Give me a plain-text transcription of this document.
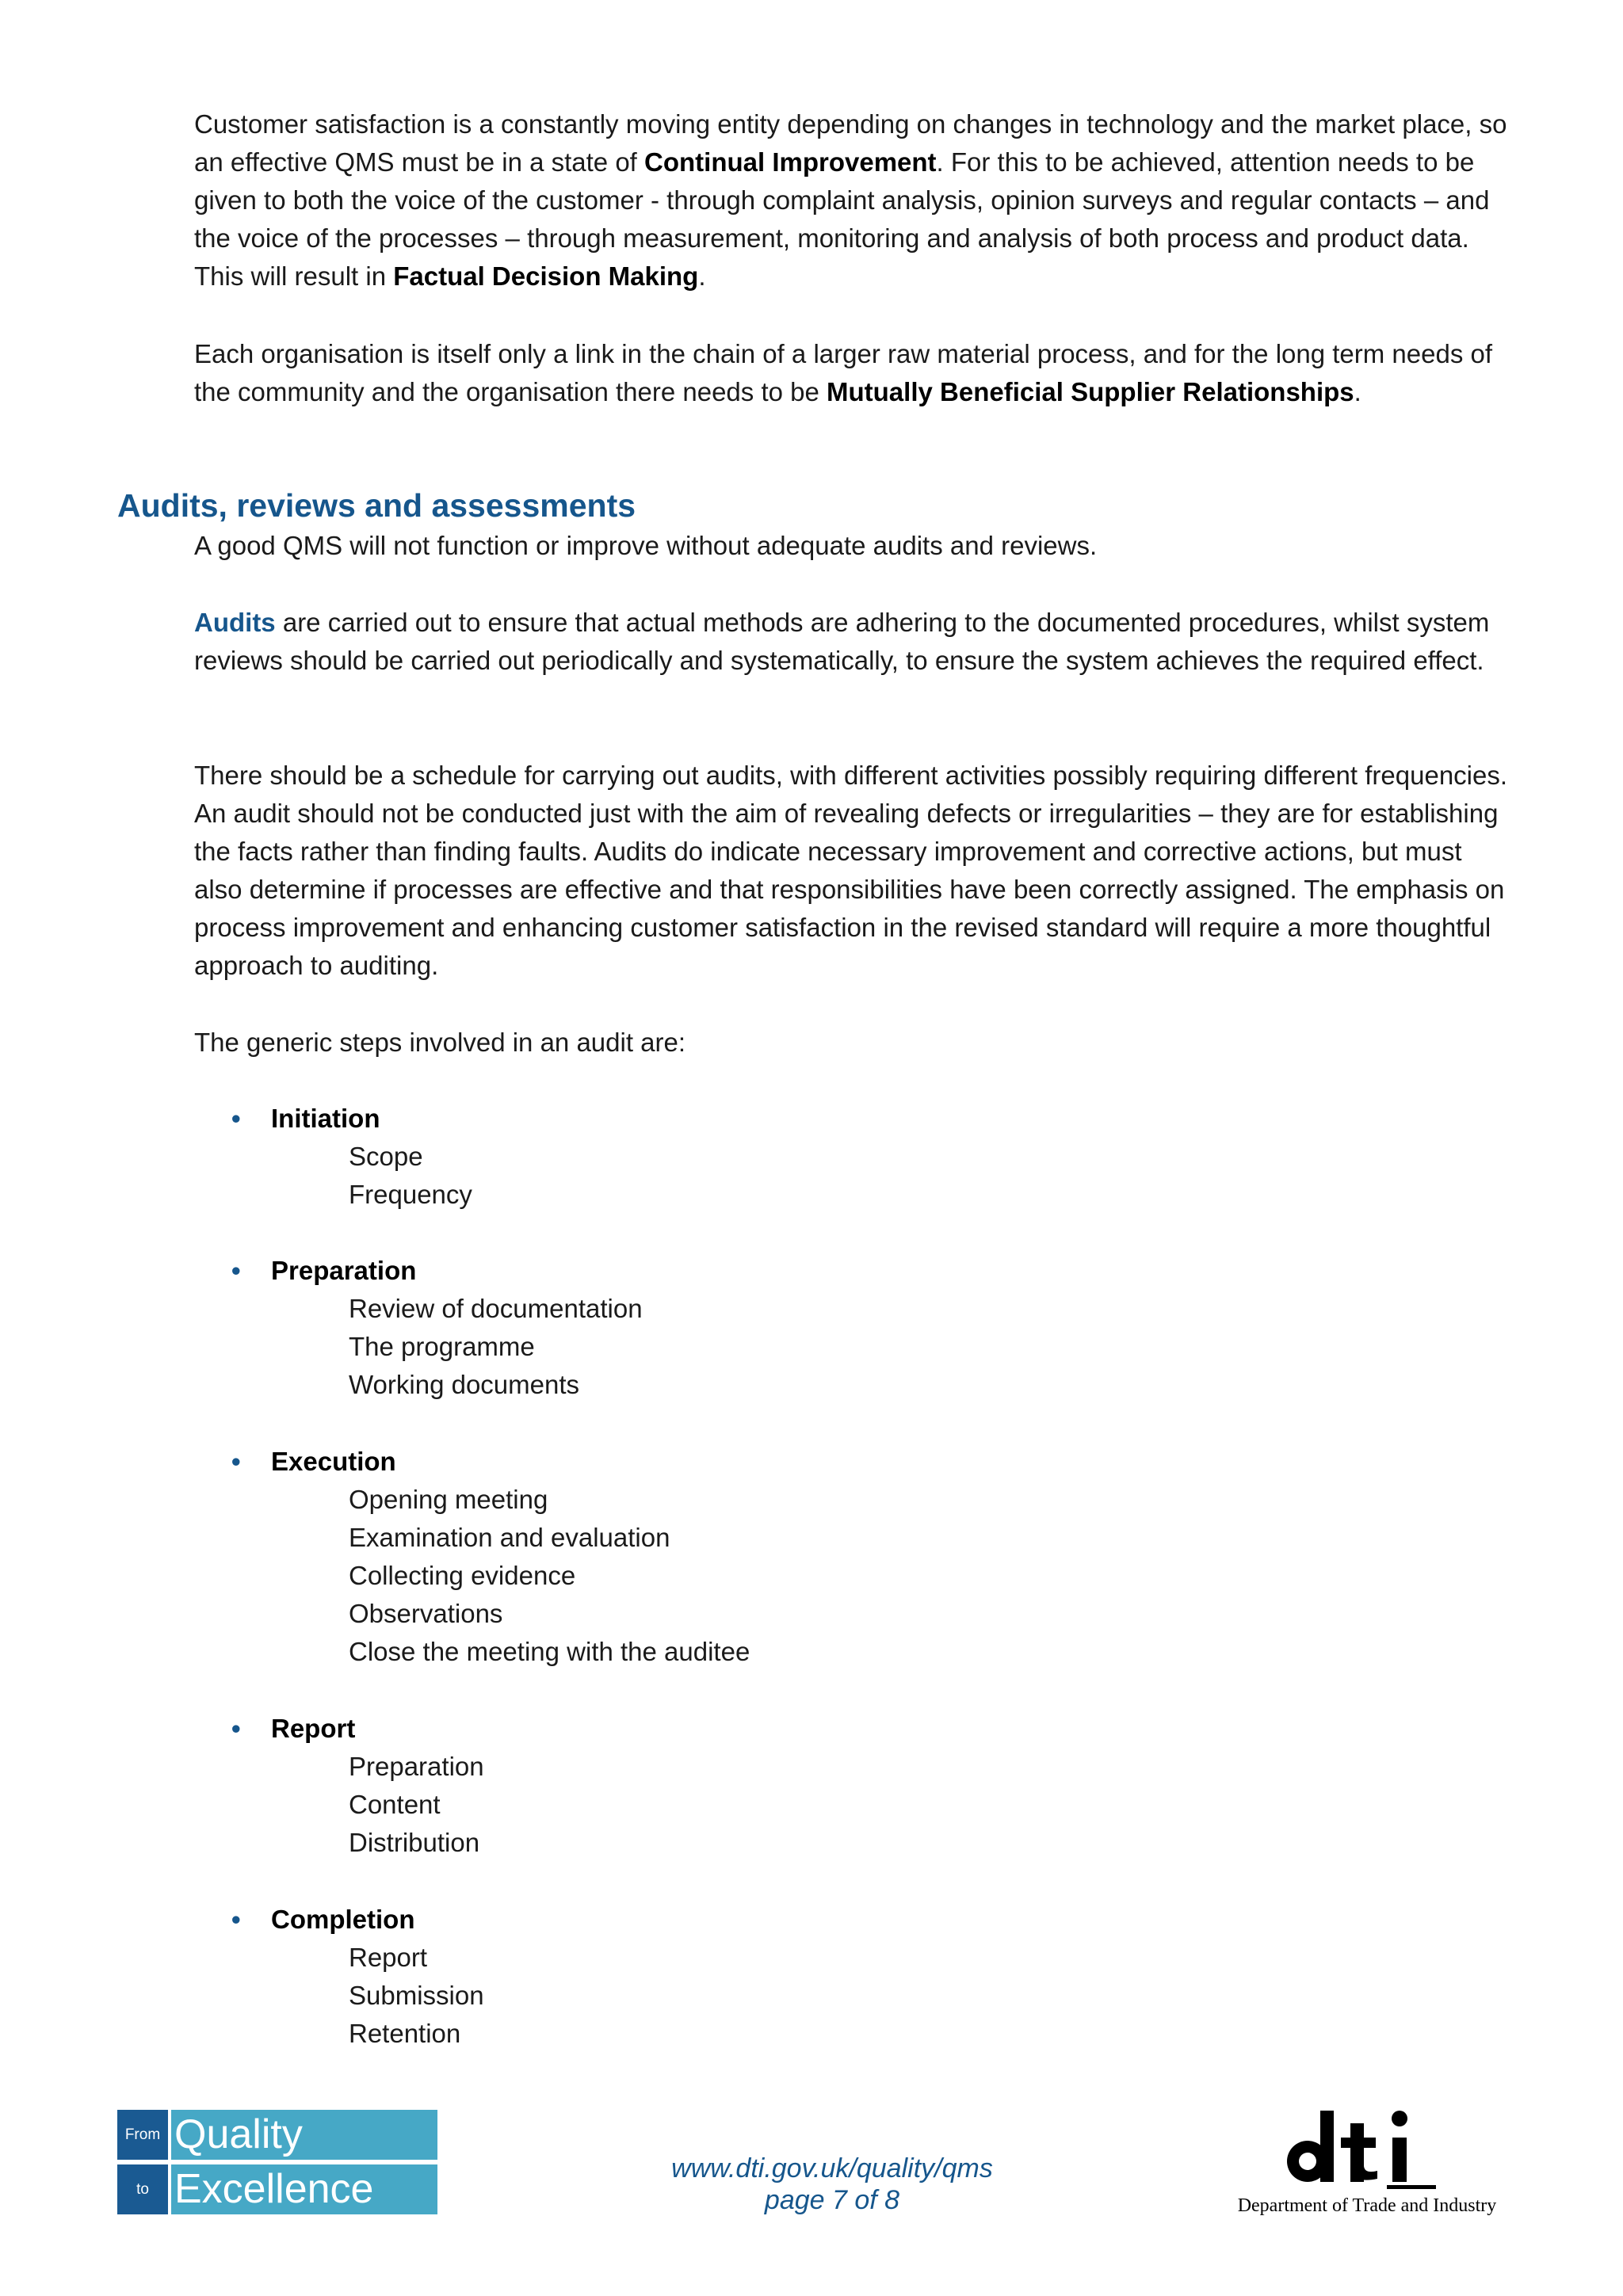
Customer satisfaction is a constantly moving entity depending on changes in technology and the market place, so an effective QMS must be in a state of Continual Improvement. For this to be achieved, attention needs to be given to both the voice of the customer - through complaint analysis, opinion surveys and regular contacts – and the voice of the processes – through measurement, monitoring and analysis of both process and product data. This will result in Factual Decision Making.

Each organisation is itself only a link in the chain of a larger raw material process, and for the long term needs of the community and the organisation there needs to be Mutually Beneficial Supplier Relationships.

Audits, reviews and assessments

A good QMS will not function or improve without adequate audits and reviews.

Audits are carried out to ensure that actual methods are adhering to the documented procedures, whilst system reviews should be carried out periodically and systematically, to ensure the system achieves the required effect.

There should be a schedule for carrying out audits, with different activities possibly requiring different frequencies. An audit should not be conducted just with the aim of revealing defects or irregularities – they are for establishing the facts rather than finding faults. Audits do indicate necessary improvement and corrective actions, but must also determine if processes are effective and that responsibilities have been correctly assigned. The emphasis on process improvement and enhancing customer satisfaction in the revised standard will require a more thoughtful approach to auditing.

The generic steps involved in an audit are:

• Initiation
Scope
Frequency
• Preparation
Review of documentation
The programme
Working documents
• Execution
Opening meeting
Examination and evaluation
Collecting evidence
Observations
Close the meeting with the auditee
• Report
Preparation
Content
Distribution
• Completion
Report
Submission
Retention
From Quality
to Excellence	www.dti.gov.uk/quality/qms
page 7 of 8	Department of Trade and Industry
